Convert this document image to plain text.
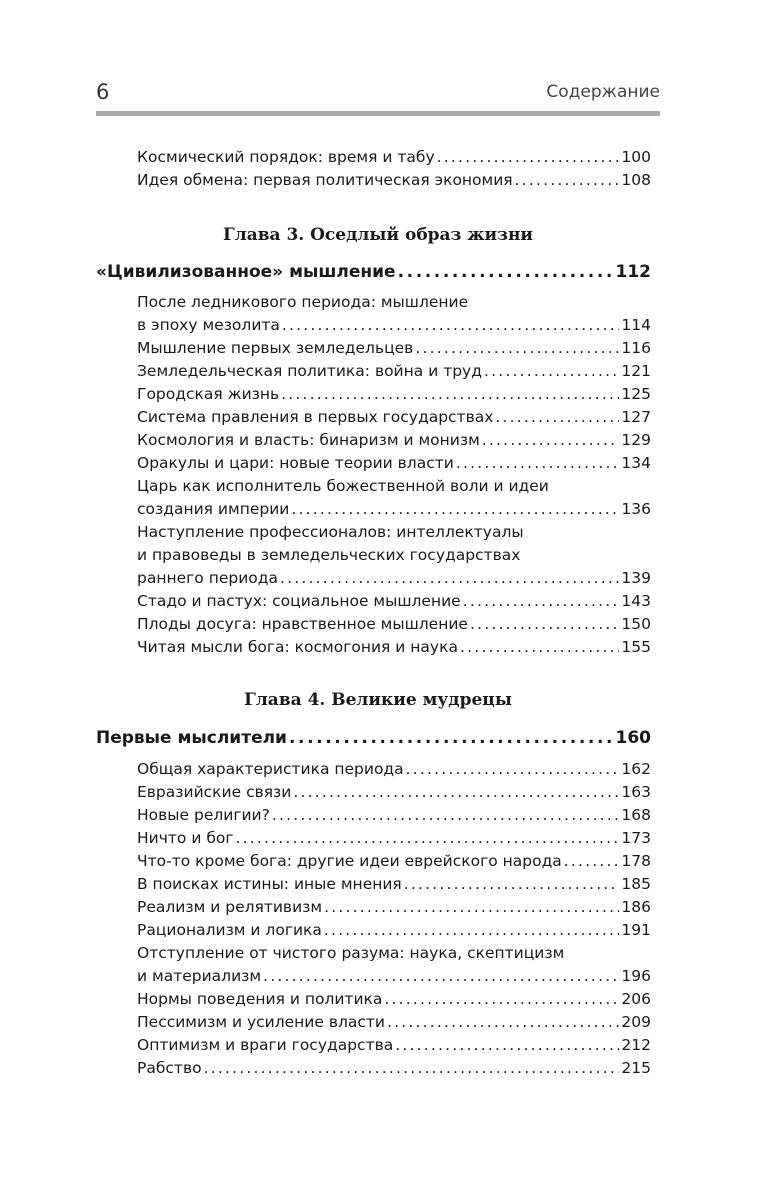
6	Содержание
Космический порядок: время и табу .....	100
Идея обмена: первая политическая экономия .....	108
Глава 3. Оседлый образ жизни
«Цивилизованное» мышление .....	112
После ледникового периода: мышление
в эпоху мезолита .....	114
Мышление первых земледельцев .....	116
Земледельческая политика: война и труд .....	121
Городская жизнь .....	125
Система правления в первых государствах .....	127
Космология и власть: бинаризм и монизм .....	129
Оракулы и цари: новые теории власти .....	134
Царь как исполнитель божественной воли и идеи
создания империи .....	136
Наступление профессионалов: интеллектуалы
и правоведы в земледельческих государствах
раннего периода .....	139
Стадо и пастух: социальное мышление .....	143
Плоды досуга: нравственное мышление .....	150
Читая мысли бога: космогония и наука .....	155
Глава 4. Великие мудрецы
Первые мыслители .....	160
Общая характеристика периода .....	162
Евразийские связи .....	163
Новые религии? .....	168
Ничто и бог .....	173
Что-то кроме бога: другие идеи еврейского народа .....	178
В поисках истины: иные мнения .....	185
Реализм и релятивизм .....	186
Рационализм и логика .....	191
Отступление от чистого разума: наука, скептицизм
и материализм .....	196
Нормы поведения и политика .....	206
Пессимизм и усиление власти .....	209
Оптимизм и враги государства .....	212
Рабство .....	215
